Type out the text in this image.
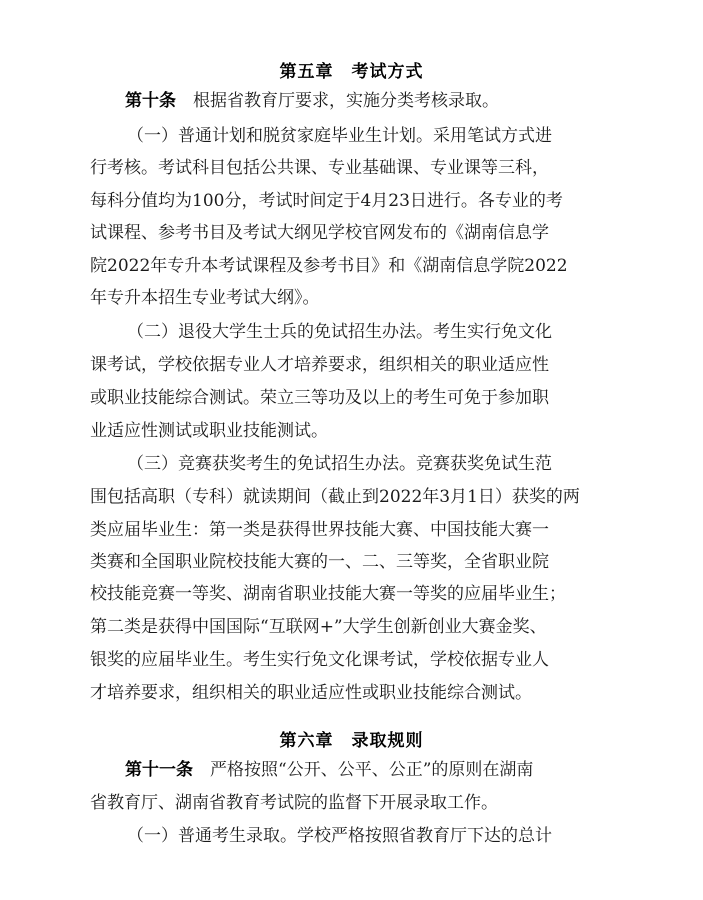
第五章　考试方式
第十条　根据省教育厅要求，实施分类考核录取。
（一）普通计划和脱贫家庭毕业生计划。采用笔试方式进
行考核。考试科目包括公共课、专业基础课、专业课等三科，
每科分值均为100分，考试时间定于4月23日进行。各专业的考
试课程、参考书目及考试大纲见学校官网发布的《湖南信息学
院2022年专升本考试课程及参考书目》和《湖南信息学院2022
年专升本招生专业考试大纲》。
（二）退役大学生士兵的免试招生办法。考生实行免文化
课考试，学校依据专业人才培养要求，组织相关的职业适应性
或职业技能综合测试。荣立三等功及以上的考生可免于参加职
业适应性测试或职业技能测试。
（三）竞赛获奖考生的免试招生办法。竞赛获奖免试生范
围包括高职（专科）就读期间（截止到2022年3月1日）获奖的两
类应届毕业生：第一类是获得世界技能大赛、中国技能大赛一
类赛和全国职业院校技能大赛的一、二、三等奖，全省职业院
校技能竞赛一等奖、湖南省职业技能大赛一等奖的应届毕业生；
第二类是获得中国国际“互联网+”大学生创新创业大赛金奖、
银奖的应届毕业生。考生实行免文化课考试，学校依据专业人
才培养要求，组织相关的职业适应性或职业技能综合测试。
第六章　录取规则
第十一条　严格按照“公开、公平、公正”的原则在湖南
省教育厅、湖南省教育考试院的监督下开展录取工作。
（一）普通考生录取。学校严格按照省教育厅下达的总计
